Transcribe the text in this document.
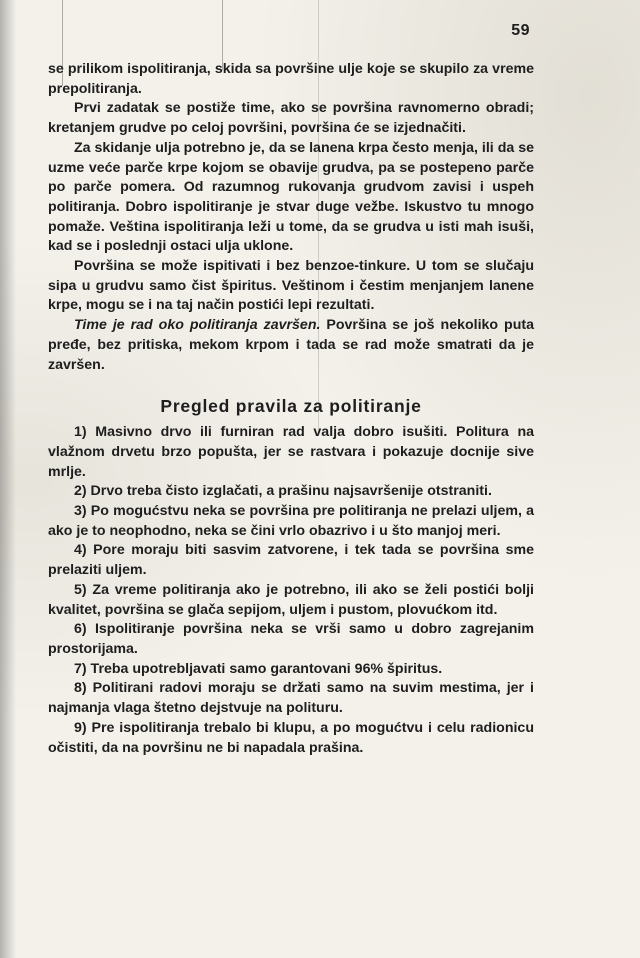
59

se prilikom ispolitiranja, skida sa površine ulje koje se skupilo za vreme prepolitiranja.

Prvi zadatak se postiže time, ako se površina ravnomerno obradi; kretanjem grudve po celoj površini, površina će se izjednačiti.

Za skidanje ulja potrebno je, da se lanena krpa često menja, ili da se uzme veće parče krpe kojom se obavije grudva, pa se postepeno parče po parče pomera. Od razumnog rukovanja grudvom zavisi i uspeh politiranja. Dobro ispolitiranje je stvar duge vežbe. Iskustvo tu mnogo pomaže. Veština ispolitiranja leži u tome, da se grudva u isti mah isuši, kad se i poslednji ostaci ulja uklone.

Površina se može ispitivati i bez benzoe-tinkure. U tom se slučaju sipa u grudvu samo čist špiritus. Veštinom i čestim menjanjem lanene krpe, mogu se i na taj način postići lepi rezultati.

Time je rad oko politiranja završen. Površina se još nekoliko puta pređe, bez pritiska, mekom krpom i tada se rad može smatrati da je završen.

Pregled pravila za politiranje

1) Masivno drvo ili furniran rad valja dobro isušiti. Politura na vlažnom drvetu brzo popušta, jer se rastvara i pokazuje docnije sive mrlje.

2) Drvo treba čisto izglačati, a prašinu najsavršenije otstraniti.

3) Po mogućstvu neka se površina pre politiranja ne prelazi uljem, a ako je to neophodno, neka se čini vrlo obazrivo i u što manjoj meri.

4) Pore moraju biti sasvim zatvorene, i tek tada se površina sme prelaziti uljem.

5) Za vreme politiranja ako je potrebno, ili ako se želi postići bolji kvalitet, površina se glača sepijom, uljem i pustom, plovućkom itd.

6) Ispolitiranje površina neka se vrši samo u dobro zagrejanim prostorijama.

7) Treba upotrebljavati samo garantovani 96% špiritus.

8) Politirani radovi moraju se držati samo na suvim mestima, jer i najmanja vlaga štetno dejstvuje na polituru.

9) Pre ispolitiranja trebalo bi klupu, a po mogućtvu i celu radionicu očistiti, da na površinu ne bi napadala prašina.
